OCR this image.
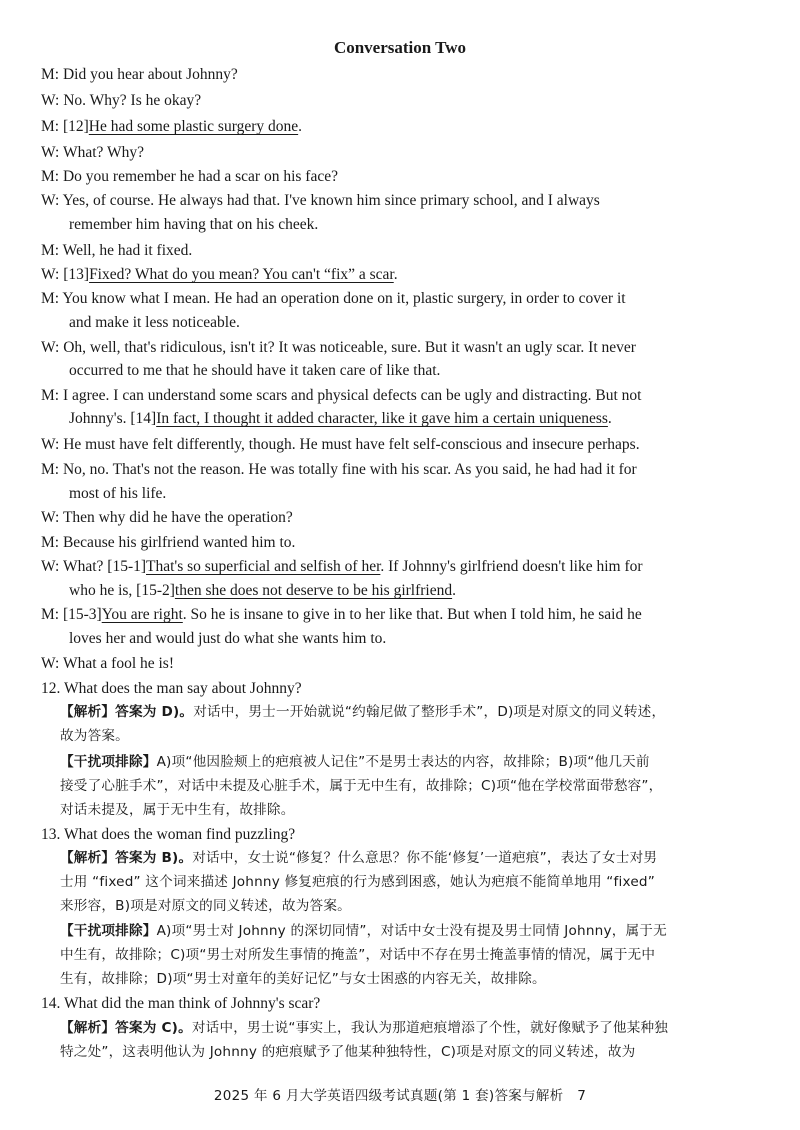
Conversation Two
M: Did you hear about Johnny?
W: No. Why? Is he okay?
M: [12]He had some plastic surgery done.
W: What? Why?
M: Do you remember he had a scar on his face?
W: Yes, of course. He always had that. I've known him since primary school, and I always
remember him having that on his cheek.
M: Well, he had it fixed.
W: [13]Fixed? What do you mean? You can't “fix” a scar.
M: You know what I mean. He had an operation done on it, plastic surgery, in order to cover it
and make it less noticeable.
W: Oh, well, that's ridiculous, isn't it? It was noticeable, sure. But it wasn't an ugly scar. It never
occurred to me that he should have it taken care of like that.
M: I agree. I can understand some scars and physical defects can be ugly and distracting. But not
Johnny's. [14]In fact, I thought it added character, like it gave him a certain uniqueness.
W: He must have felt differently, though. He must have felt self-conscious and insecure perhaps.
M: No, no. That's not the reason. He was totally fine with his scar. As you said, he had had it for
most of his life.
W: Then why did he have the operation?
M: Because his girlfriend wanted him to.
W: What? [15-1]That's so superficial and selfish of her. If Johnny's girlfriend doesn't like him for
who he is, [15-2]then she does not deserve to be his girlfriend.
M: [15-3]You are right. So he is insane to give in to her like that. But when I told him, he said he
loves her and would just do what she wants him to.
W: What a fool he is!
12. What does the man say about Johnny?
【解析】答案为 D)。对话中，男士一开始就说“约翰尼做了整形手术”，D)项是对原文的同义转述，
故为答案。
【干扰项排除】A)项“他因脸颊上的疤痕被人记住”不是男士表达的内容，故排除；B)项“他几天前
接受了心脏手术”，对话中未提及心脏手术，属于无中生有，故排除；C)项“他在学校常面带愁容”，
对话未提及，属于无中生有，故排除。
13. What does the woman find puzzling?
【解析】答案为 B)。对话中，女士说“修复？什么意思？你不能‘修复’一道疤痕”，表达了女士对男
士用 “fixed” 这个词来描述 Johnny 修复疤痕的行为感到困惑，她认为疤痕不能简单地用 “fixed”
来形容，B)项是对原文的同义转述，故为答案。
【干扰项排除】A)项“男士对 Johnny 的深切同情”，对话中女士没有提及男士同情 Johnny，属于无
中生有，故排除；C)项“男士对所发生事情的掩盖”，对话中不存在男士掩盖事情的情况，属于无中
生有，故排除；D)项“男士对童年的美好记忆”与女士困惑的内容无关，故排除。
14. What did the man think of Johnny's scar?
【解析】答案为 C)。对话中，男士说“事实上，我认为那道疤痕增添了个性，就好像赋予了他某种独
特之处”，这表明他认为 Johnny 的疤痕赋予了他某种独特性，C)项是对原文的同义转述，故为
2025 年 6 月大学英语四级考试真题(第 1 套)答案与解析　7
